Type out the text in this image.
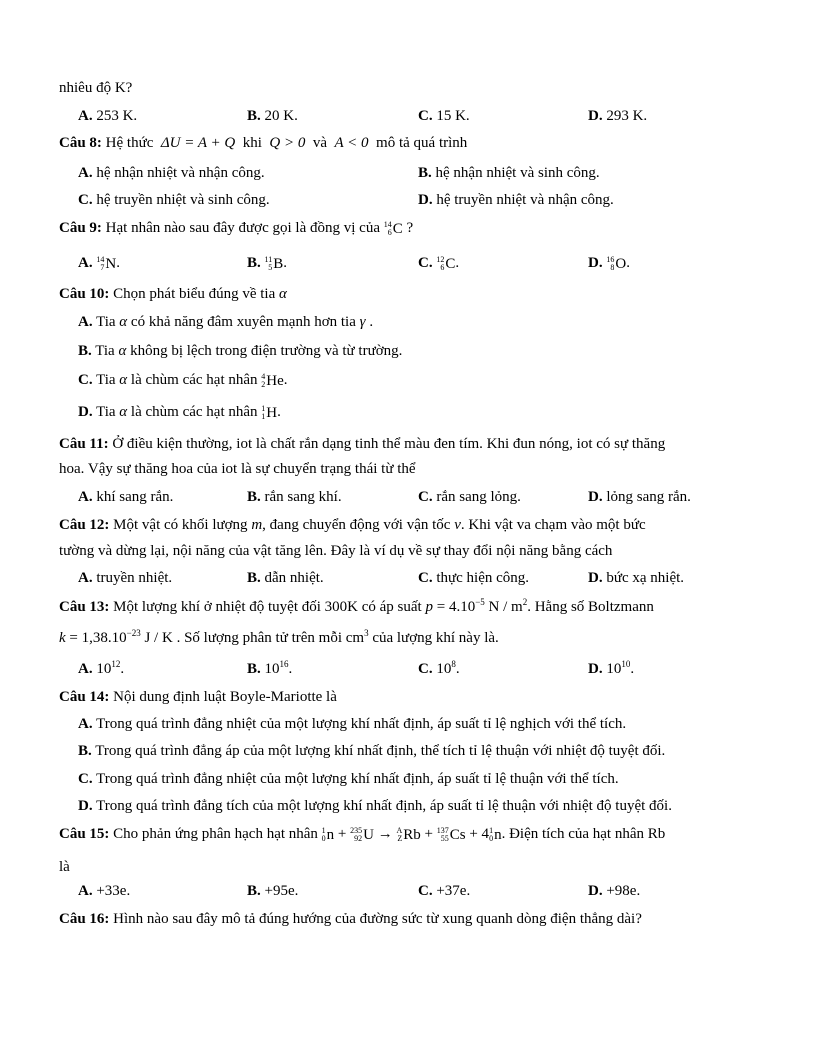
nhiêu độ K?
A. 253 K.	B. 20 K.	C. 15 K.	D. 293 K.
Câu 8: Hệ thức  ΔU = A + Q  khi  Q > 0  và  A < 0  mô tả quá trình
A. hệ nhận nhiệt và nhận công.	B. hệ nhận nhiệt và sinh công.
C. hệ truyền nhiệt và sinh công.	D. hệ truyền nhiệt và nhận công.
Câu 9: Hạt nhân nào sau đây được gọi là đồng vị của 14
6 C ?
A. 14
7 N.	B. 11
5 B.	C. 12
6 C.	D. 16
8 O.
Câu 10: Chọn phát biểu đúng về tia α
A. Tia α có khả năng đâm xuyên mạnh hơn tia γ .
B. Tia α không bị lệch trong điện trường và từ trường.
C. Tia α là chùm các hạt nhân 4
2 He.
D. Tia α là chùm các hạt nhân 1
1 H.
Câu 11: Ở điều kiện thường, iot là chất rắn dạng tinh thể màu đen tím. Khi đun nóng, iot có sự thăng
hoa. Vậy sự thăng hoa của iot là sự chuyển trạng thái từ thể
A. khí sang rắn.	B. rắn sang khí.	C. rắn sang lỏng.	D. lỏng sang rắn.
Câu 12: Một vật có khối lượng m, đang chuyển động với vận tốc v. Khi vật va chạm vào một bức
tường và dừng lại, nội năng của vật tăng lên. Đây là ví dụ về sự thay đổi nội năng bằng cách
A. truyền nhiệt.	B. dẫn nhiệt.	C. thực hiện công.	D. bức xạ nhiệt.
Câu 13: Một lượng khí ở nhiệt độ tuyệt đối 300K có áp suất $p = 4.10^{-5}$ N / $m^2$. Hằng số Boltzmann
$k = 1,38.10^{-23}$ J / K . Số lượng phân tử trên mỗi $cm^3$ của lượng khí này là.
A. $10^{12}$.	B. $10^{16}$.	C. $10^8$.	D. $10^{10}$.
Câu 14: Nội dung định luật Boyle-Mariotte là
A. Trong quá trình đẳng nhiệt của một lượng khí nhất định, áp suất tỉ lệ nghịch với thể tích.
B. Trong quá trình đẳng áp của một lượng khí nhất định, thể tích tỉ lệ thuận với nhiệt độ tuyệt đối.
C. Trong quá trình đẳng nhiệt của một lượng khí nhất định, áp suất tỉ lệ thuận với thể tích.
D. Trong quá trình đẳng tích của một lượng khí nhất định, áp suất tỉ lệ thuận với nhiệt độ tuyệt đối.
Câu 15: Cho phản ứng phân hạch hạt nhân 1
0 n + 235
92 U → A
Z Rb + 137
55 Cs + 4 1
0 n. Điện tích của hạt nhân Rb
là
A. +33e.	B. +95e.	C. +37e.	D. +98e.
Câu 16: Hình nào sau đây mô tả đúng hướng của đường sức từ xung quanh dòng điện thẳng dài?
